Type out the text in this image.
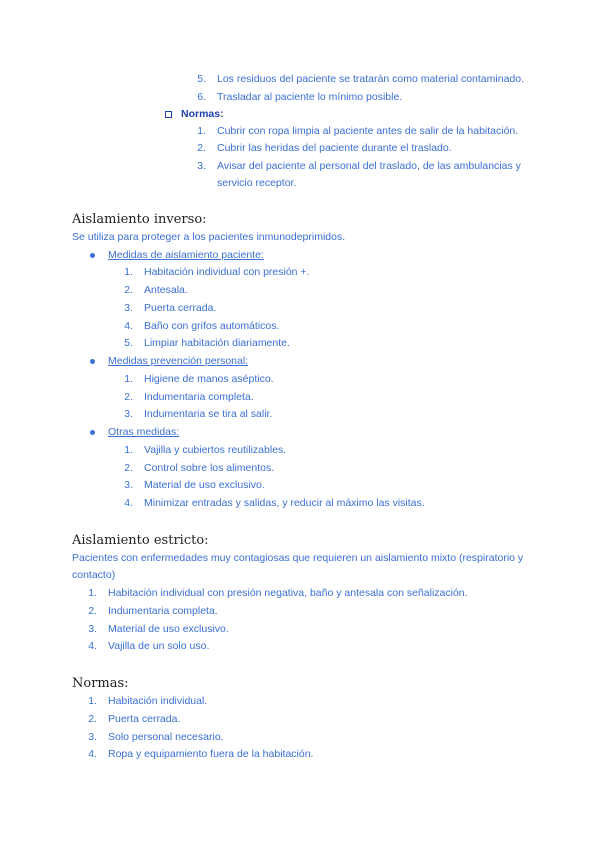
5. Los residuos del paciente se tratarán como material contaminado.
6. Trasladar al paciente lo mínimo posible.
Normas:
1. Cubrir con ropa limpia al paciente antes de salir de la habitación.
2. Cubrir las heridas del paciente durante el traslado.
3. Avisar del paciente al personal del traslado, de las ambulancias y
servicio receptor.
Aislamiento inverso:
Se utiliza para proteger a los pacientes inmunodeprimidos.
Medidas de aislamiento paciente:
1. Habitación individual con presión +.
2. Antesala.
3. Puerta cerrada.
4. Baño con grifos automáticos.
5. Limpiar habitación diariamente.
Medidas prevención personal:
1. Higiene de manos aséptico.
2. Indumentaria completa.
3. Indumentaria se tira al salir.
Otras medidas:
1. Vajilla y cubiertos reutilizables.
2. Control sobre los alimentos.
3. Material de uso exclusivo.
4. Minimizar entradas y salidas, y reducir al máximo las visitas.
Aislamiento estricto:
Pacientes con enfermedades muy contagiosas que requieren un aislamiento mixto (respiratorio y
contacto)
1. Habitación individual con presión negativa, baño y antesala con señalización.
2. Indumentaria completa.
3. Material de uso exclusivo.
4. Vajilla de un solo uso.
Normas:
1. Habitación individual.
2. Puerta cerrada.
3. Solo personal necesario.
4. Ropa y equipamiento fuera de la habitación.
